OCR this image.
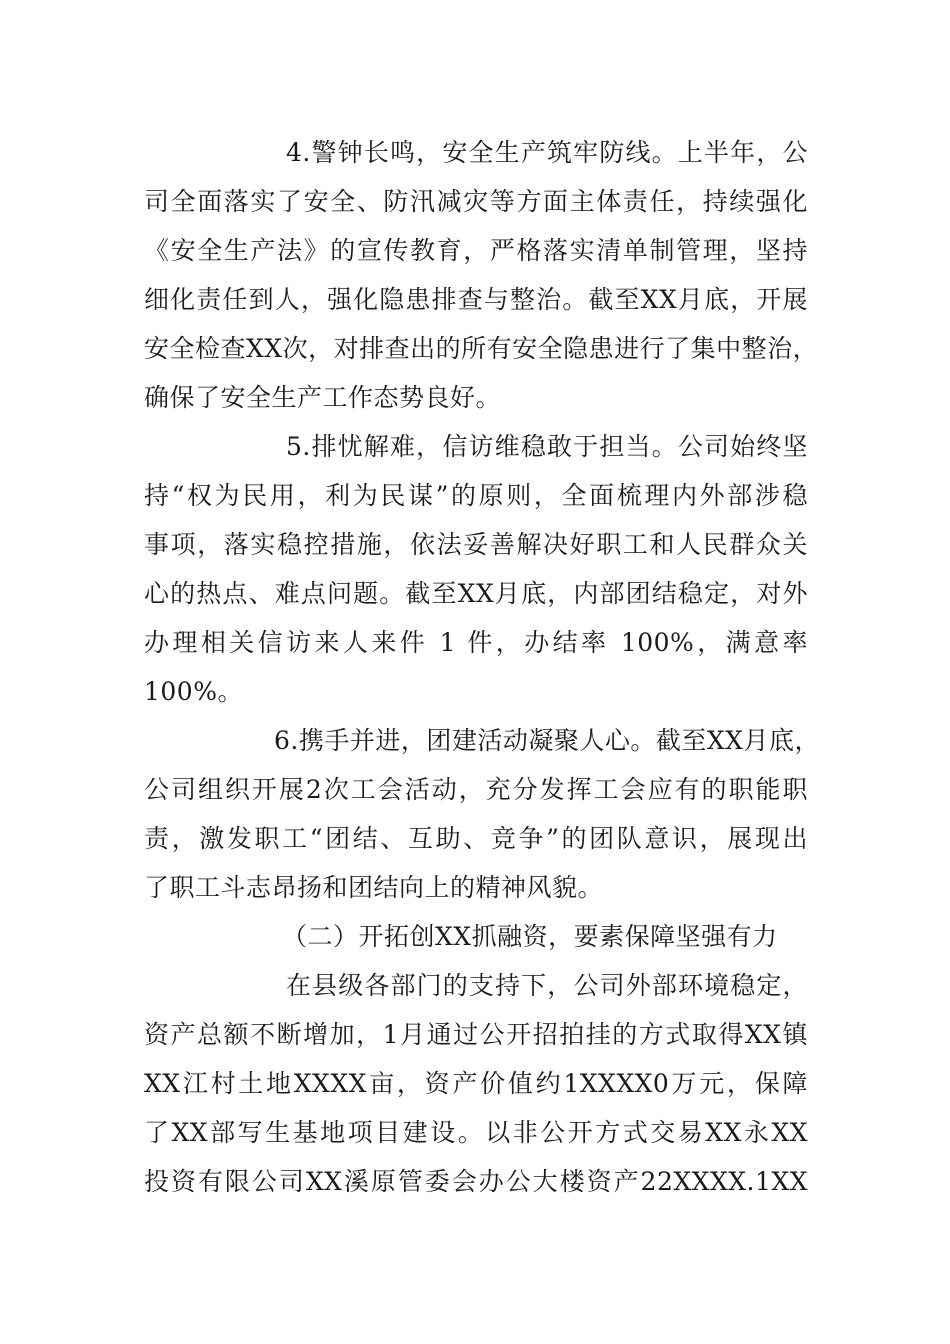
4.警钟长鸣，安全生产筑牢防线。上半年，公
司全面落实了安全、防汛减灾等方面主体责任，持续强化
《安全生产法》的宣传教育，严格落实清单制管理，坚持
细化责任到人，强化隐患排查与整治。截至XX月底，开展
安全检查XX次，对排查出的所有安全隐患进行了集中整治，
确保了安全生产工作态势良好。
5.排忧解难，信访维稳敢于担当。公司始终坚
持“权为民用，利为民谋”的原则，全面梳理内外部涉稳
事项，落实稳控措施，依法妥善解决好职工和人民群众关
心的热点、难点问题。截至XX月底，内部团结稳定，对外
办理相关信访来人来件 1 件，办结率 100%，满意率
100%。
6.携手并进，团建活动凝聚人心。截至XX月底，
公司组织开展2次工会活动，充分发挥工会应有的职能职
责，激发职工“团结、互助、竞争”的团队意识，展现出
了职工斗志昂扬和团结向上的精神风貌。
（二）开拓创XX抓融资，要素保障坚强有力
在县级各部门的支持下，公司外部环境稳定，
资产总额不断增加，1月通过公开招拍挂的方式取得XX镇
XX江村土地XXXX亩，资产价值约1XXXX0万元，保障
了XX部写生基地项目建设。以非公开方式交易XX永XX
投资有限公司XX溪原管委会办公大楼资产22XXXX.1XX
